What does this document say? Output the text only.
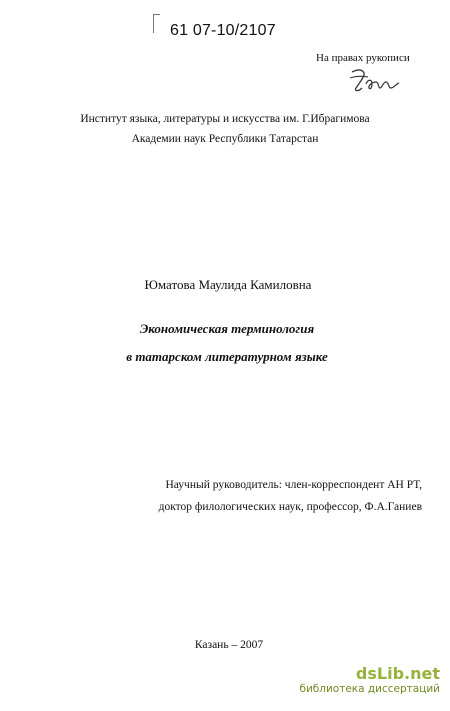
61 07-10/2107
На правах рукописи
Институт языка, литературы и искусства им. Г.Ибрагимова
Академии наук Республики Татарстан
Юматова Маулида Камиловна
Экономическая терминология
в татарском литературном языке
Научный руководитель: член-корреспондент АН РТ,
доктор филологических наук, профессор, Ф.А.Ганиев
Казань – 2007
dsLib.net
библиотека диссертаций
